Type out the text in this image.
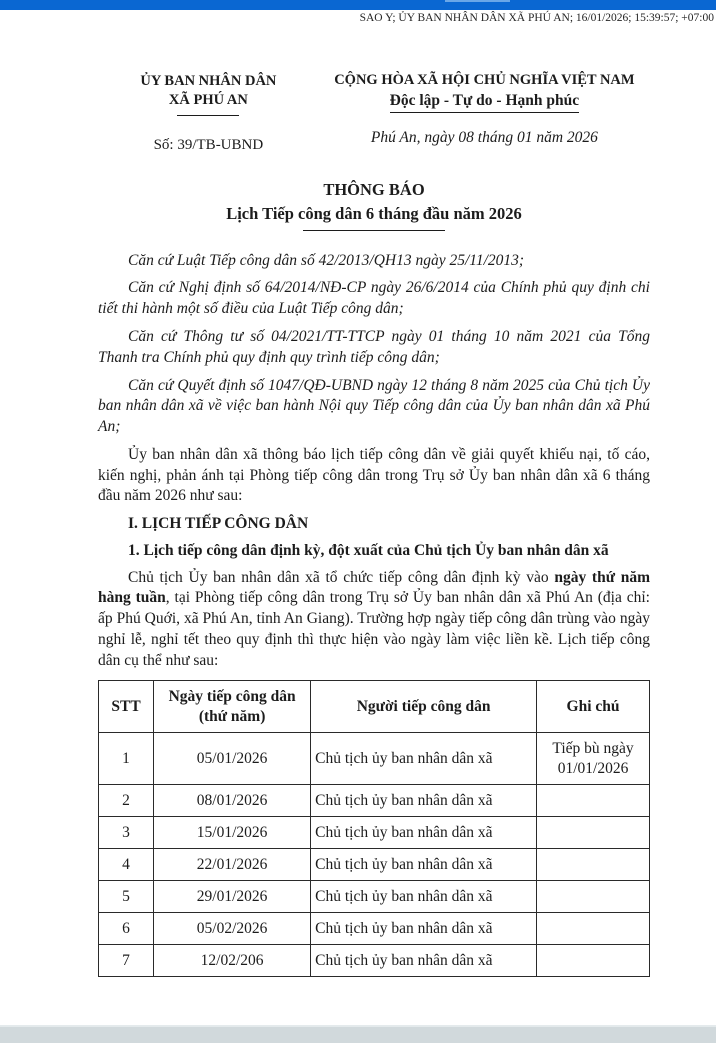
SAO Y; ỦY BAN NHÂN DÂN XÃ PHÚ AN; 16/01/2026; 15:39:57; +07:00
ỦY BAN NHÂN DÂN
XÃ PHÚ AN
Số: 39/TB-UBND
CỘNG HÒA XÃ HỘI CHỦ NGHĨA VIỆT NAM
Độc lập - Tự do - Hạnh phúc
Phú An, ngày 08 tháng 01 năm 2026
THÔNG BÁO
Lịch Tiếp công dân 6 tháng đầu năm 2026

Căn cứ Luật Tiếp công dân số 42/2013/QH13 ngày 25/11/2013;

Căn cứ Nghị định số 64/2014/NĐ-CP ngày 26/6/2014 của Chính phủ quy định chi tiết thi hành một số điều của Luật Tiếp công dân;

Căn cứ Thông tư số 04/2021/TT-TTCP ngày 01 tháng 10 năm 2021 của Tổng Thanh tra Chính phủ quy định quy trình tiếp công dân;

Căn cứ Quyết định số 1047/QĐ-UBND ngày 12 tháng 8 năm 2025 của Chủ tịch Ủy ban nhân dân xã về việc ban hành Nội quy Tiếp công dân của Ủy ban nhân dân xã Phú An;

Ủy ban nhân dân xã thông báo lịch tiếp công dân về giải quyết khiếu nại, tố cáo, kiến nghị, phản ánh tại Phòng tiếp công dân trong Trụ sở Ủy ban nhân dân xã 6 tháng đầu năm 2026 như sau:

I. LỊCH TIẾP CÔNG DÂN

1. Lịch tiếp công dân định kỳ, đột xuất của Chủ tịch Ủy ban nhân dân xã

Chủ tịch Ủy ban nhân dân xã tổ chức tiếp công dân định kỳ vào ngày thứ năm hàng tuần, tại Phòng tiếp công dân trong Trụ sở Ủy ban nhân dân xã Phú An (địa chỉ: ấp Phú Quới, xã Phú An, tỉnh An Giang). Trường hợp ngày tiếp công dân trùng vào ngày nghỉ lễ, nghỉ tết theo quy định thì thực hiện vào ngày làm việc liền kề. Lịch tiếp công dân cụ thể như sau:

STT	Ngày tiếp công dân (thứ năm)	Người tiếp công dân	Ghi chú
1	05/01/2026	Chủ tịch ủy ban nhân dân xã	Tiếp bù ngày 01/01/2026
2	08/01/2026	Chủ tịch ủy ban nhân dân xã	
3	15/01/2026	Chủ tịch ủy ban nhân dân xã	
4	22/01/2026	Chủ tịch ủy ban nhân dân xã	
5	29/01/2026	Chủ tịch ủy ban nhân dân xã	
6	05/02/2026	Chủ tịch ủy ban nhân dân xã	
7	12/02/206	Chủ tịch ủy ban nhân dân xã	
